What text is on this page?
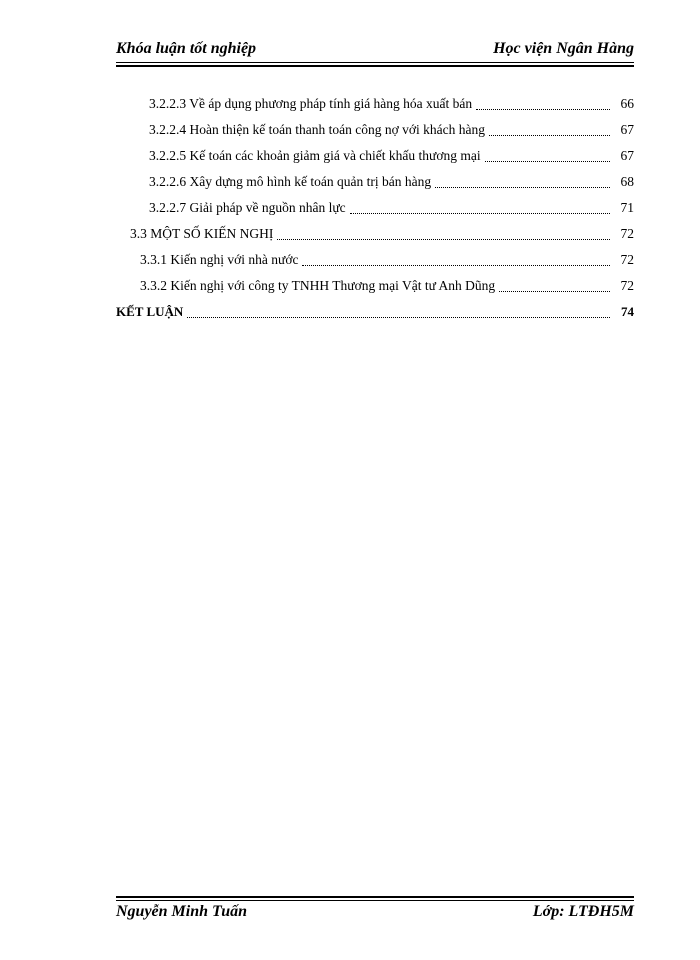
Khóa luận tốt nghiệp	Học viện Ngân Hàng
3.2.2.3 Về áp dụng phương pháp tính giá hàng hóa xuất bán	66
3.2.2.4 Hoàn thiện kế toán thanh toán công nợ với khách hàng	67
3.2.2.5 Kế toán các khoản giảm giá và chiết khấu thương mại	67
3.2.2.6 Xây dựng mô hình kế toán quản trị bán hàng	68
3.2.2.7 Giải pháp về nguồn nhân lực	71
3.3 MỘT SỐ KIẾN NGHỊ	72
3.3.1 Kiến nghị với nhà nước	72
3.3.2 Kiến nghị với công ty TNHH Thương mại Vật tư Anh Dũng	72
KẾT LUẬN	74
Nguyễn Minh Tuấn	Lớp: LTĐH5M
